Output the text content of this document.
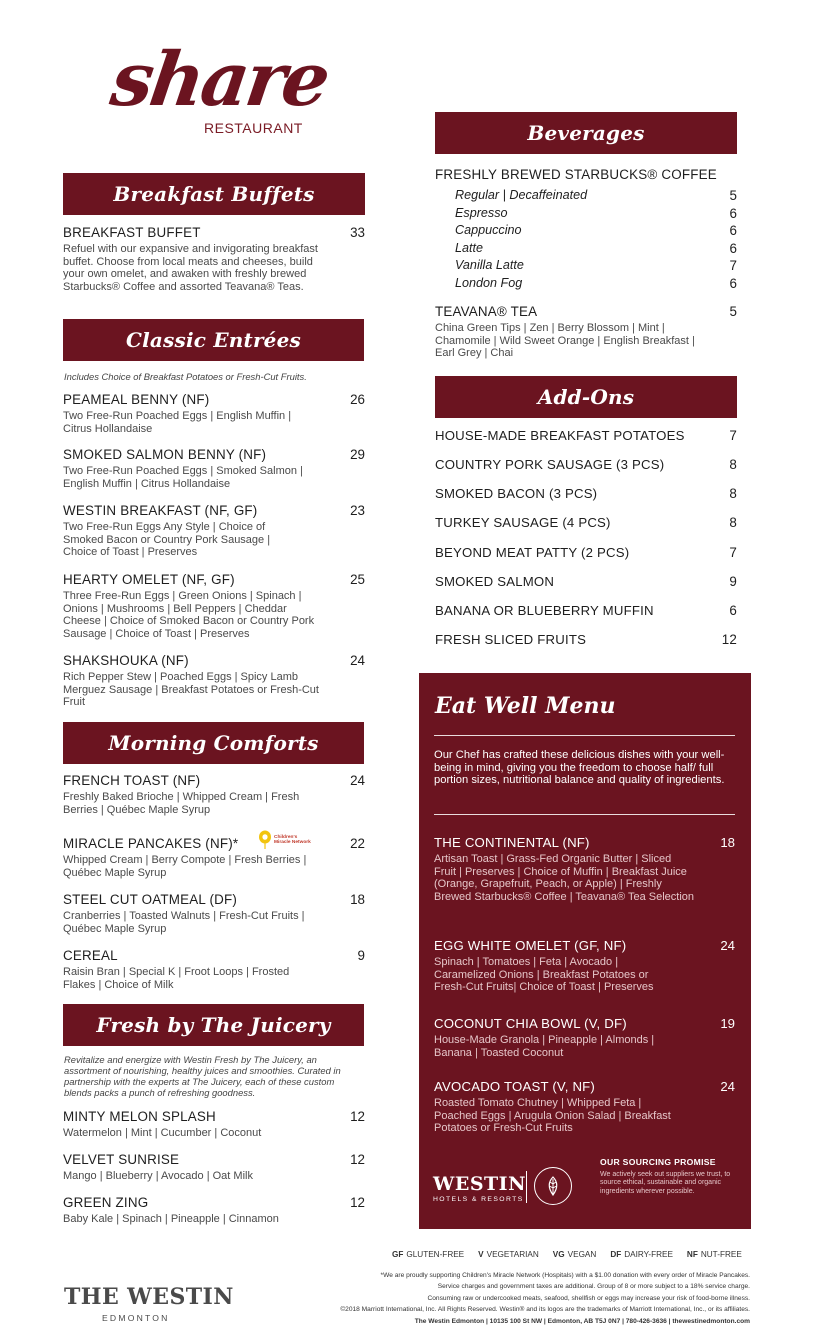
share
RESTAURANT
Breakfast Buffets
BREAKFAST BUFFET	33
Refuel with our expansive and invigorating breakfast buffet. Choose from local meats and cheeses, build your own omelet, and awaken with freshly brewed Starbucks® Coffee and assorted Teavana® Teas.
Classic Entrées
Includes Choice of Breakfast Potatoes or Fresh-Cut Fruits.
PEAMEAL BENNY (NF)	26
Two Free-Run Poached Eggs | English Muffin | Citrus Hollandaise
SMOKED SALMON BENNY (NF)	29
Two Free-Run Poached Eggs | Smoked Salmon | English Muffin | Citrus Hollandaise
WESTIN BREAKFAST (NF, GF)	23
Two Free-Run Eggs Any Style | Choice of Smoked Bacon or Country Pork Sausage | Choice of Toast | Preserves
HEARTY OMELET (NF, GF)	25
Three Free-Run Eggs | Green Onions | Spinach | Onions | Mushrooms | Bell Peppers | Cheddar Cheese | Choice of Smoked Bacon or Country Pork Sausage | Choice of Toast | Preserves
SHAKSHOUKA (NF)	24
Rich Pepper Stew | Poached Eggs | Spicy Lamb Merguez Sausage | Breakfast Potatoes or Fresh-Cut Fruit
Morning Comforts
FRENCH TOAST (NF)	24
Freshly Baked Brioche | Whipped Cream | Fresh Berries | Québec Maple Syrup
MIRACLE PANCAKES (NF)*	22
Whipped Cream | Berry Compote | Fresh Berries | Québec Maple Syrup
Children's
Miracle Network
STEEL CUT OATMEAL (DF)	18
Cranberries | Toasted Walnuts | Fresh-Cut Fruits | Québec Maple Syrup
CEREAL	9
Raisin Bran | Special K | Froot Loops | Frosted Flakes | Choice of Milk
Fresh by The Juicery
Revitalize and energize with Westin Fresh by The Juicery, an assortment of nourishing, healthy juices and smoothies. Curated in partnership with the experts at The Juicery, each of these custom blends packs a punch of refreshing goodness.
MINTY MELON SPLASH	12
Watermelon | Mint | Cucumber | Coconut
VELVET SUNRISE	12
Mango | Blueberry | Avocado | Oat Milk
GREEN ZING	12
Baby Kale | Spinach | Pineapple | Cinnamon
Beverages
FRESHLY BREWED STARBUCKS® COFFEE
Regular | Decaffeinated	5
Espresso	6
Cappuccino	6
Latte	6
Vanilla Latte	7
London Fog	6
TEAVANA® TEA	5
China Green Tips | Zen | Berry Blossom | Mint | Chamomile | Wild Sweet Orange | English Breakfast | Earl Grey | Chai
Add-Ons
HOUSE-MADE BREAKFAST POTATOES	7
COUNTRY PORK SAUSAGE (3 PCS)	8
SMOKED BACON (3 PCS)	8
TURKEY SAUSAGE (4 PCS)	8
BEYOND MEAT PATTY (2 PCS)	7
SMOKED SALMON	9
BANANA OR BLUEBERRY MUFFIN	6
FRESH SLICED FRUITS	12
Eat Well Menu
Our Chef has crafted these delicious dishes with your well-being in mind, giving you the freedom to choose half/ full portion sizes, nutritional balance and quality of ingredients.
THE CONTINENTAL (NF)	18
Artisan Toast | Grass-Fed Organic Butter | Sliced Fruit | Preserves | Choice of Muffin | Breakfast Juice (Orange, Grapefruit, Peach, or Apple) | Freshly Brewed Starbucks® Coffee | Teavana® Tea Selection
EGG WHITE OMELET (GF, NF)	24
Spinach | Tomatoes | Feta | Avocado | Caramelized Onions | Breakfast Potatoes or Fresh-Cut Fruits| Choice of Toast | Preserves
COCONUT CHIA BOWL (V, DF)	19
House-Made Granola | Pineapple | Almonds | Banana | Toasted Coconut
AVOCADO TOAST (V, NF)	24
Roasted Tomato Chutney | Whipped Feta | Poached Eggs | Arugula Onion Salad | Breakfast Potatoes or Fresh-Cut Fruits
WESTIN
HOTELS & RESORTS
OUR SOURCING PROMISE
We actively seek out suppliers we trust, to source ethical, sustainable and organic ingredients wherever possible.
GF GLUTEN-FREE V VEGETARIAN VG VEGAN DF DAIRY-FREE NF NUT-FREE
*We are proudly supporting Children's Miracle Network (Hospitals) with a $1.00 donation with every order of Miracle Pancakes.
Service charges and government taxes are additional. Group of 8 or more subject to a 18% service charge.
Consuming raw or undercooked meats, seafood, shellfish or eggs may increase your risk of food-borne illness.
©2018 Marriott International, Inc. All Rights Reserved. Westin® and its logos are the trademarks of Marriott International, Inc., or its affiliates.
The Westin Edmonton | 10135 100 St NW | Edmonton, AB T5J 0N7 | 780-426-3636 | thewestinedmonton.com
THE WESTIN
EDMONTON
